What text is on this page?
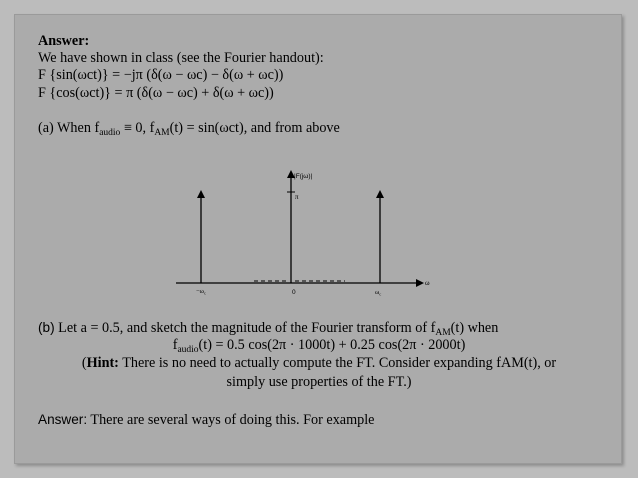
Answer:
We have shown in class (see the Fourier handout):
F {sin(ωct)} = −jπ (δ(ω − ωc) − δ(ω + ωc))
F {cos(ωct)} = π (δ(ω − ωc) + δ(ω + ωc))
(a) When $f_{audio} \equiv 0$, $f_{AM}(t) = \sin(\omega ct)$, and from above
|F(jω)|
π
ω
$-\omega_c$	0	$\omega_c$
(b) Let a = 0.5, and sketch the magnitude of the Fourier transform of $f_{AM}(t)$ when
$f_{audio}(t) = 0.5$ cos(2π · 1000t) + 0.25 cos(2π · 2000t)
(Hint: There is no need to actually compute the FT. Consider expanding fAM(t), or
simply use properties of the FT.)
Answer: There are several ways of doing this. For example
